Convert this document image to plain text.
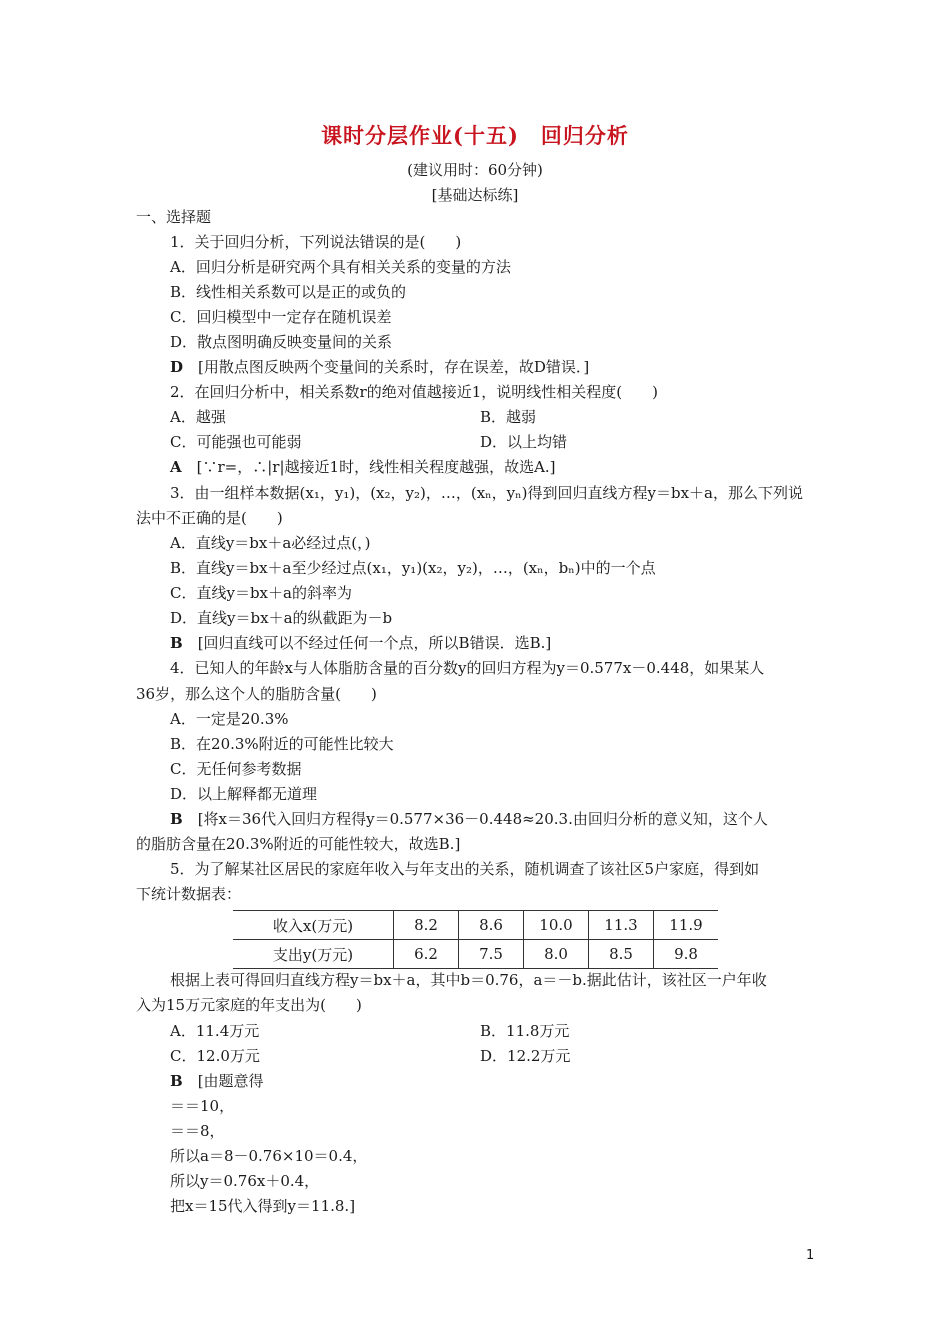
课时分层作业(十五)　回归分析
(建议用时：60分钟)
[基础达标练]
一、选择题
1．关于回归分析，下列说法错误的是(　　)
A．回归分析是研究两个具有相关关系的变量的方法
B．线性相关系数可以是正的或负的
C．回归模型中一定存在随机误差
D．散点图明确反映变量间的关系
D　 [用散点图反映两个变量间的关系时，存在误差，故D错误．]
2．在回归分析中，相关系数r的绝对值越接近1，说明线性相关程度(　　)
A．越强	B．越弱
C．可能强也可能弱	D．以上均错
A　 [∵r=，∴|r|越接近1时，线性相关程度越强，故选A.]
3．由一组样本数据(x₁，y₁)，(x₂，y₂)，…，(xₙ，yₙ)得到回归直线方程y＝bx＋a，那么下列说
法中不正确的是(　　)
A．直线y＝bx＋a必经过点(，)
B．直线y＝bx＋a至少经过点(x₁，y₁)(x₂，y₂)，…，(xₙ，bₙ)中的一个点
C．直线y＝bx＋a的斜率为
D．直线y＝bx＋a的纵截距为－b
B　 [回归直线可以不经过任何一个点，所以B错误．选B.]
4．已知人的年龄x与人体脂肪含量的百分数y的回归方程为y＝0.577x－0.448，如果某人
36岁，那么这个人的脂肪含量(　　)
A．一定是20.3%
B．在20.3%附近的可能性比较大
C．无任何参考数据
D．以上解释都无道理
B　 [将x＝36代入回归方程得y＝0.577×36－0.448≈20.3.由回归分析的意义知，这个人
的脂肪含量在20.3%附近的可能性较大，故选B.]
5．为了解某社区居民的家庭年收入与年支出的关系，随机调查了该社区5户家庭，得到如
下统计数据表：
收入x(万元)	8.2	8.6	10.0	11.3	11.9
支出y(万元)	6.2	7.5	8.0	8.5	9.8
根据上表可得回归直线方程y＝bx＋a，其中b＝0.76，a＝－b.据此估计，该社区一户年收
入为15万元家庭的年支出为(　　)
A．11.4万元	B．11.8万元
C．12.0万元	D．12.2万元
B　 [由题意得
＝＝10，
＝＝8，
所以a＝8－0.76×10＝0.4，
所以y＝0.76x＋0.4，
把x＝15代入得到y＝11.8.]
1
